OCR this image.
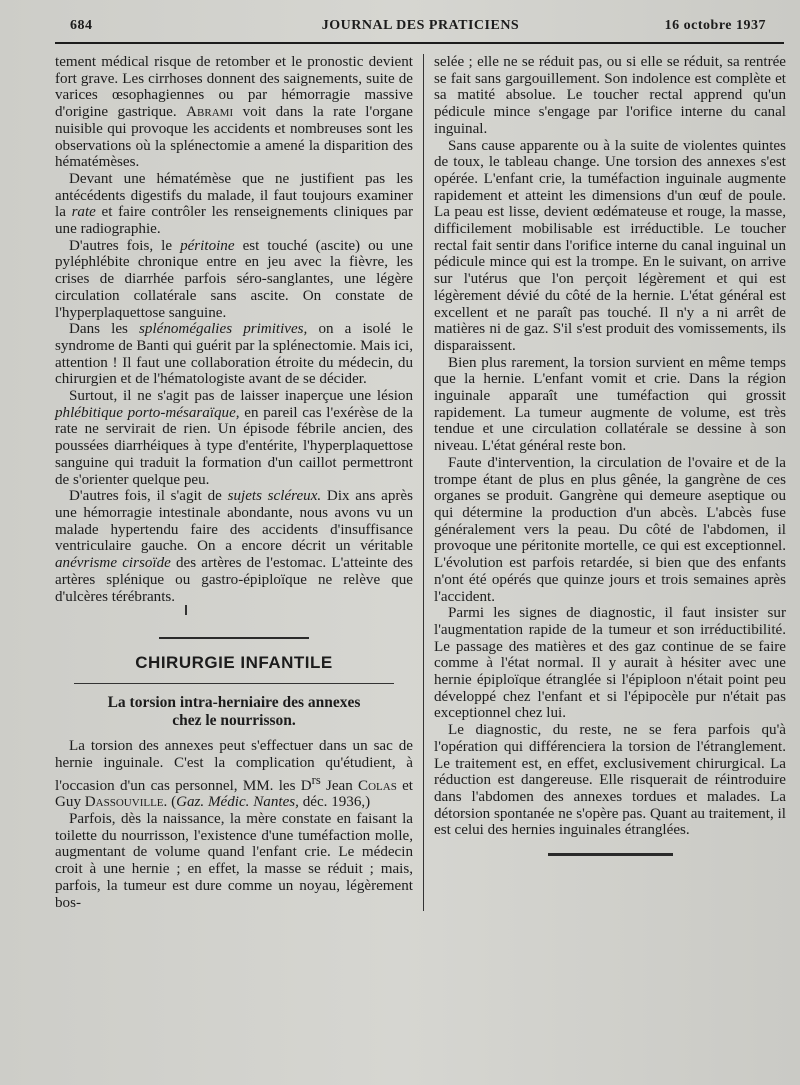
684	JOURNAL DES PRATICIENS	16 octobre 1937

tement médical risque de retomber et le pronostic devient fort grave. Les cirrhoses donnent des saignements, suite de varices œsophagiennes ou par hémorragie massive d'origine gastrique. Abrami voit dans la rate l'organe nuisible qui provoque les accidents et nombreuses sont les observations où la splénectomie a amené la disparition des hématémèses.

Devant une hématémèse que ne justifient pas les antécédents digestifs du malade, il faut toujours examiner la rate et faire contrôler les renseignements cliniques par une radiographie.

D'autres fois, le péritoine est touché (ascite) ou une pyléphlébite chronique entre en jeu avec la fièvre, les crises de diarrhée parfois séro-sanglantes, une légère circulation collatérale sans ascite. On constate de l'hyperplaquettose sanguine.

Dans les splénomégalies primitives, on a isolé le syndrome de Banti qui guérit par la splénectomie. Mais ici, attention ! Il faut une collaboration étroite du médecin, du chirurgien et de l'hématologiste avant de se décider.

Surtout, il ne s'agit pas de laisser inaperçue une lésion phlébitique porto-mésaraïque, en pareil cas l'exérèse de la rate ne servirait de rien. Un épisode fébrile ancien, des poussées diarrhéiques à type d'entérite, l'hyperplaquettose sanguine qui traduit la formation d'un caillot permettront de s'orienter quelque peu.

D'autres fois, il s'agit de sujets scléreux. Dix ans après une hémorragie intestinale abondante, nous avons vu un malade hypertendu faire des accidents d'insuffisance ventriculaire gauche. On a encore décrit un véritable anévrisme cirsoïde des artères de l'estomac. L'atteinte des artères splénique ou gastro-épiploïque ne relève que d'ulcères térébrants.

CHIRURGIE INFANTILE
La torsion intra-herniaire des annexes
chez le nourrisson.

La torsion des annexes peut s'effectuer dans un sac de hernie inguinale. C'est la complication qu'étudient, à l'occasion d'un cas personnel, MM. les $D^{rs}$ Jean Colas et Guy Dassouville. (Gaz. Médic. Nantes, déc. 1936,)

Parfois, dès la naissance, la mère constate en faisant la toilette du nourrisson, l'existence d'une tuméfaction molle, augmentant de volume quand l'enfant crie. Le médecin croit à une hernie ; en effet, la masse se réduit ; mais, parfois, la tumeur est dure comme un noyau, légèrement bos-

selée ; elle ne se réduit pas, ou si elle se réduit, sa rentrée se fait sans gargouillement. Son indolence est complète et sa matité absolue. Le toucher rectal apprend qu'un pédicule mince s'engage par l'orifice interne du canal inguinal.

Sans cause apparente ou à la suite de violentes quintes de toux, le tableau change. Une torsion des annexes s'est opérée. L'enfant crie, la tuméfaction inguinale augmente rapidement et atteint les dimensions d'un œuf de poule. La peau est lisse, devient œdémateuse et rouge, la masse, difficilement mobilisable est irréductible. Le toucher rectal fait sentir dans l'orifice interne du canal inguinal un pédicule mince qui est la trompe. En le suivant, on arrive sur l'utérus que l'on perçoit légèrement et qui est légèrement dévié du côté de la hernie. L'état général est excellent et ne paraît pas touché. Il n'y a ni arrêt de matières ni de gaz. S'il s'est produit des vomissements, ils disparaissent.

Bien plus rarement, la torsion survient en même temps que la hernie. L'enfant vomit et crie. Dans la région inguinale apparaît une tuméfaction qui grossit rapidement. La tumeur augmente de volume, est très tendue et une circulation collatérale se dessine à son niveau. L'état général reste bon.

Faute d'intervention, la circulation de l'ovaire et de la trompe étant de plus en plus gênée, la gangrène de ces organes se produit. Gangrène qui demeure aseptique ou qui détermine la production d'un abcès. L'abcès fuse généralement vers la peau. Du côté de l'abdomen, il provoque une péritonite mortelle, ce qui est exceptionnel. L'évolution est parfois retardée, si bien que des enfants n'ont été opérés que quinze jours et trois semaines après l'accident.

Parmi les signes de diagnostic, il faut insister sur l'augmentation rapide de la tumeur et son irréductibilité. Le passage des matières et des gaz continue de se faire comme à l'état normal. Il y aurait à hésiter avec une hernie épiploïque étranglée si l'épiploon n'était point peu développé chez l'enfant et si l'épipocèle pur n'était pas exceptionnel chez lui.

Le diagnostic, du reste, ne se fera parfois qu'à l'opération qui différenciera la torsion de l'étranglement. Le traitement est, en effet, exclusivement chirurgical. La réduction est dangereuse. Elle risquerait de réintroduire dans l'abdomen des annexes tordues et malades. La détorsion spontanée ne s'opère pas. Quant au traitement, il est celui des hernies inguinales étranglées.
